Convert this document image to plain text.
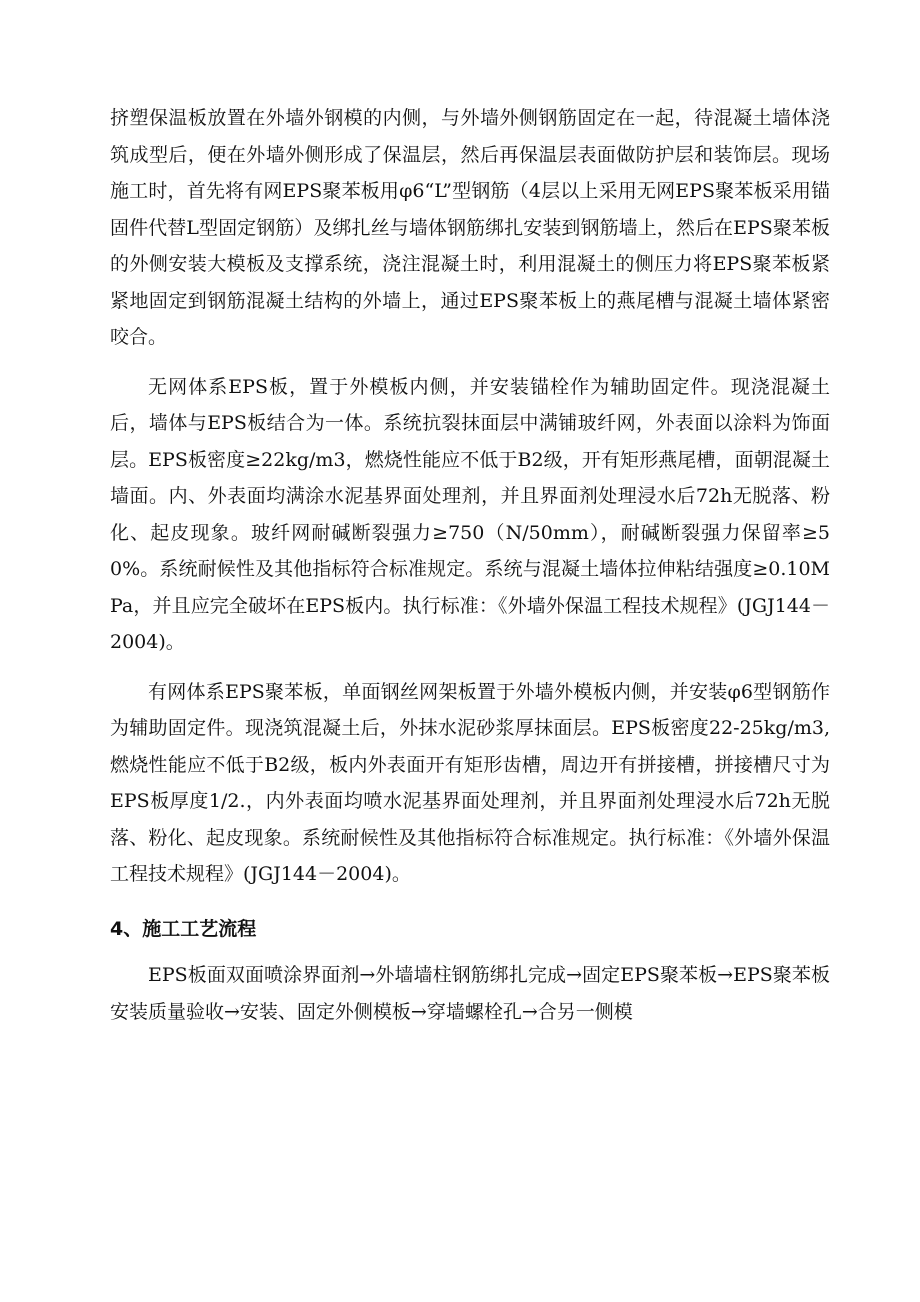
挤塑保温板放置在外墙外钢模的内侧，与外墙外侧钢筋固定在一起，待混凝土墙体浇筑成型后，便在外墙外侧形成了保温层，然后再保温层表面做防护层和装饰层。现场施工时，首先将有网EPS聚苯板用φ6“L”型钢筋（4层以上采用无网EPS聚苯板采用锚固件代替L型固定钢筋）及绑扎丝与墙体钢筋绑扎安装到钢筋墙上，然后在EPS聚苯板的外侧安装大模板及支撑系统，浇注混凝土时，利用混凝土的侧压力将EPS聚苯板紧紧地固定到钢筋混凝土结构的外墙上，通过EPS聚苯板上的燕尾槽与混凝土墙体紧密咬合。

无网体系EPS板，置于外模板内侧，并安装锚栓作为辅助固定件。现浇混凝土后，墙体与EPS板结合为一体。系统抗裂抹面层中满铺玻纤网，外表面以涂料为饰面层。EPS板密度≥22kg/m3，燃烧性能应不低于B2级，开有矩形燕尾槽，面朝混凝土墙面。内、外表面均满涂水泥基界面处理剂，并且界面剂处理浸水后72h无脱落、粉化、起皮现象。玻纤网耐碱断裂强力≥750（N/50mm），耐碱断裂强力保留率≥50%。系统耐候性及其他指标符合标准规定。系统与混凝土墙体拉伸粘结强度≥0.10MPa，并且应完全破坏在EPS板内。执行标准：《外墙外保温工程技术规程》(JGJ144－2004)。

有网体系EPS聚苯板，单面钢丝网架板置于外墙外模板内侧，并安装φ6型钢筋作为辅助固定件。现浇筑混凝土后，外抹水泥砂浆厚抹面层。EPS板密度22-25kg/m3, 燃烧性能应不低于B2级，板内外表面开有矩形齿槽，周边开有拼接槽，拼接槽尺寸为EPS板厚度1/2.，内外表面均喷水泥基界面处理剂，并且界面剂处理浸水后72h无脱落、粉化、起皮现象。系统耐候性及其他指标符合标准规定。执行标准：《外墙外保温工程技术规程》(JGJ144－2004)。

4、施工工艺流程

EPS板面双面喷涂界面剂→外墙墙柱钢筋绑扎完成→固定EPS聚苯板→EPS聚苯板安装质量验收→安装、固定外侧模板→穿墙螺栓孔→合另一侧模
